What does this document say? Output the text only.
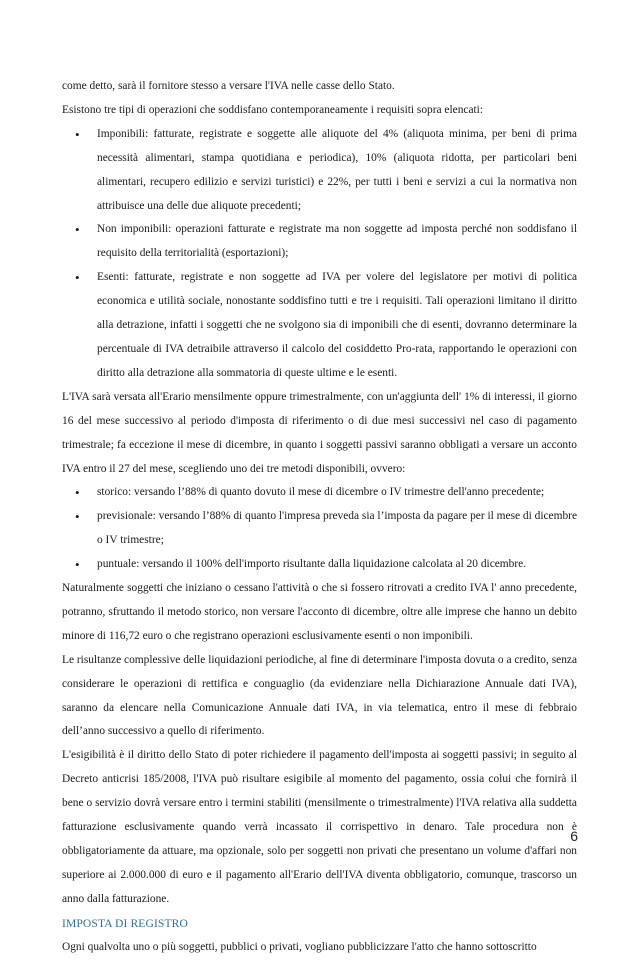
come detto, sarà il fornitore stesso a versare l'IVA nelle casse dello Stato.

Esistono tre tipi di operazioni che soddisfano contemporaneamente i requisiti sopra elencati:

• Imponibili: fatturate, registrate e soggette alle aliquote del 4% (aliquota minima, per beni di prima necessità alimentari, stampa quotidiana e periodica), 10% (aliquota ridotta, per particolari beni alimentari, recupero edilizio e servizi turistici) e 22%, per tutti i beni e servizi a cui la normativa non attribuisce una delle due aliquote precedenti;
• Non imponibili: operazioni fatturate e registrate ma non soggette ad imposta perché non soddisfano il requisito della territorialità (esportazioni);
• Esenti: fatturate, registrate e non soggette ad IVA per volere del legislatore per motivi di politica economica e utilità sociale, nonostante soddisfino tutti e tre i requisiti. Tali operazioni limitano il diritto alla detrazione, infatti i soggetti che ne svolgono sia di imponibili che di esenti, dovranno determinare la percentuale di IVA detraibile attraverso il calcolo del cosiddetto Pro-rata, rapportando le operazioni con diritto alla detrazione alla sommatoria di queste ultime e le esenti.

L'IVA sarà versata all'Erario mensilmente oppure trimestralmente, con un'aggiunta dell' 1% di interessi, il giorno 16 del mese successivo al periodo d'imposta di riferimento o di due mesi successivi nel caso di pagamento trimestrale; fa eccezione il mese di dicembre, in quanto i soggetti passivi saranno obbligati a versare un acconto IVA entro il 27 del mese, scegliendo uno dei tre metodi disponibili, ovvero:

• storico: versando l’88% di quanto dovuto il mese di dicembre o IV trimestre dell'anno precedente;
• previsionale: versando l’88% di quanto l'impresa preveda sia l’imposta da pagare per il mese di dicembre o IV trimestre;
• puntuale: versando il 100% dell'importo risultante dalla liquidazione calcolata al 20 dicembre.

Naturalmente soggetti che iniziano o cessano l'attività o che si fossero ritrovati a credito IVA l' anno precedente, potranno, sfruttando il metodo storico, non versare l'acconto di dicembre, oltre alle imprese che hanno un debito minore di 116,72 euro o che registrano operazioni esclusivamente esenti o non imponibili.

Le risultanze complessive delle liquidazioni periodiche, al fine di determinare l'imposta dovuta o a credito, senza considerare le operazioni di rettifica e conguaglio (da evidenziare nella Dichiarazione Annuale dati IVA), saranno da elencare nella Comunicazione Annuale dati IVA, in via telematica, entro il mese di febbraio dell’anno successivo a quello di riferimento.

L'esigibilità è il diritto dello Stato di poter richiedere il pagamento dell'imposta ai soggetti passivi; in seguito al Decreto anticrisi 185/2008, l'IVA può risultare esigibile al momento del pagamento, ossia colui che fornirà il bene o servizio dovrà versare entro i termini stabiliti (mensilmente o trimestralmente) l'IVA relativa alla suddetta fatturazione esclusivamente quando verrà incassato il corrispettivo in denaro. Tale procedura non è obbligatoriamente da attuare, ma opzionale, solo per soggetti non privati che presentano un volume d'affari non superiore ai 2.000.000 di euro e il pagamento all'Erario dell'IVA diventa obbligatorio, comunque, trascorso un anno dalla fatturazione.

IMPOSTA DI REGISTRO

Ogni qualvolta uno o più soggetti, pubblici o privati, vogliano pubblicizzare l'atto che hanno sottoscritto

6
